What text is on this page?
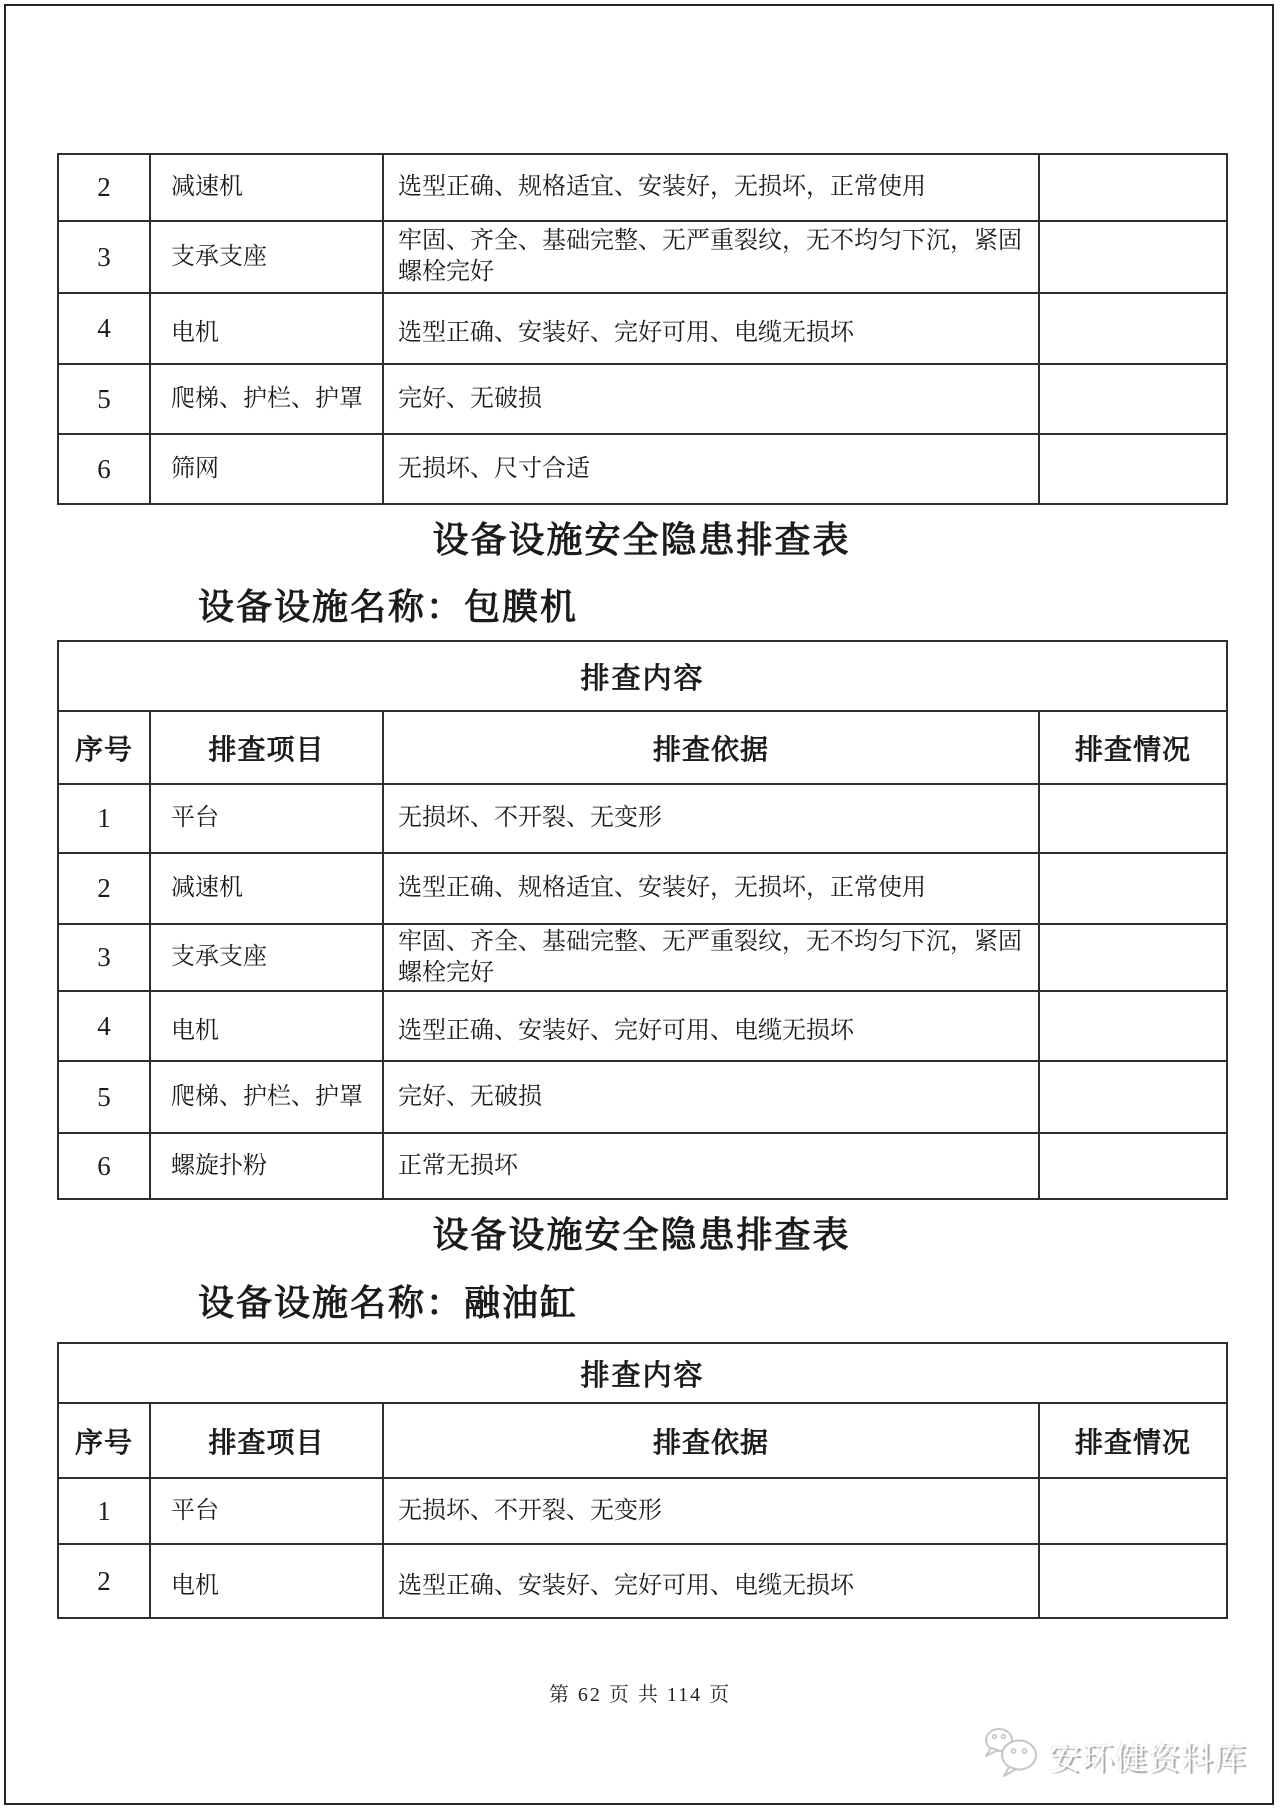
2	减速机	选型正确、规格适宜、安装好，无损坏，正常使用	
3	支承支座	牢固、齐全、基础完整、无严重裂纹，无不均匀下沉，紧固螺栓完好	
4	电机	选型正确、安装好、完好可用、电缆无损坏	
5	爬梯、护栏、护罩	完好、无破损	
6	筛网	无损坏、尺寸合适	
设备设施安全隐患排查表
设备设施名称：包膜机
排查内容			
序号	排查项目	排查依据	排查情况
1	平台	无损坏、不开裂、无变形	
2	减速机	选型正确、规格适宜、安装好，无损坏，正常使用	
3	支承支座	牢固、齐全、基础完整、无严重裂纹，无不均匀下沉，紧固螺栓完好	
4	电机	选型正确、安装好、完好可用、电缆无损坏	
5	爬梯、护栏、护罩	完好、无破损	
6	螺旋扑粉	正常无损坏	
设备设施安全隐患排查表
设备设施名称：融油缸
排查内容			
序号	排查项目	排查依据	排查情况
1	平台	无损坏、不开裂、无变形	
2	电机	选型正确、安装好、完好可用、电缆无损坏	
第 62 页 共 114 页
安环健资料库
